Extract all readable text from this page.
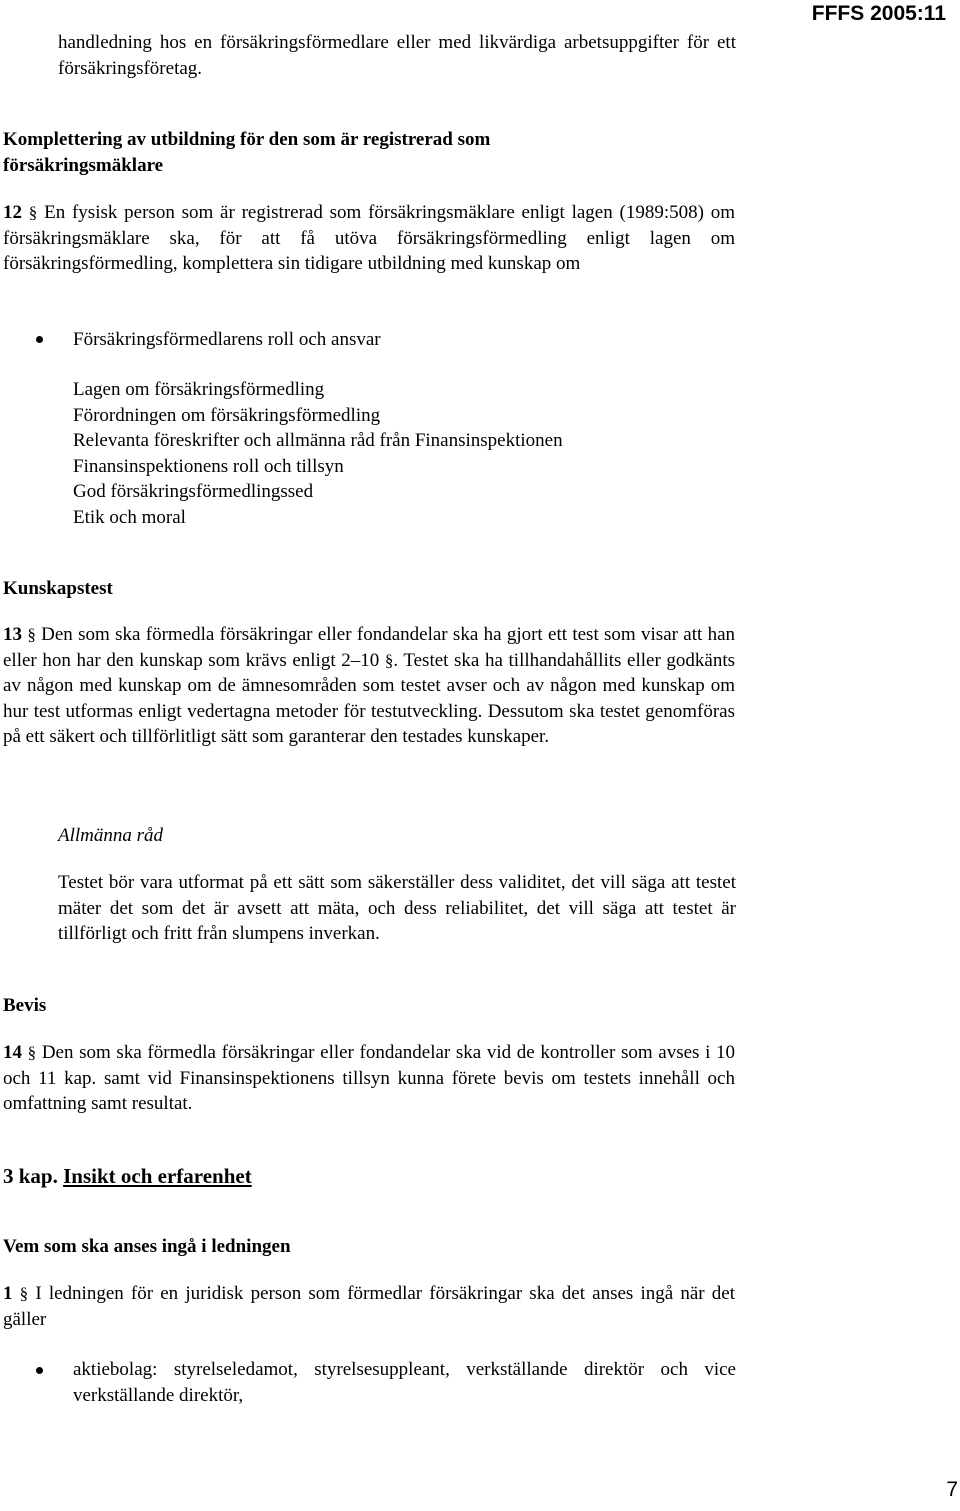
FFFS 2005:11

handledning hos en försäkringsförmedlare eller med likvärdiga arbetsuppgifter för ett försäkringsföretag.

Komplettering av utbildning för den som är registrerad som
försäkringsmäklare

12 § En fysisk person som är registrerad som försäkringsmäklare enligt lagen (1989:508) om försäkringsmäklare ska, för att få utöva försäkringsförmedling enligt lagen om försäkringsförmedling, komplettera sin tidigare utbildning med kunskap om

Försäkringsförmedlarens roll och ansvar
Lagen om försäkringsförmedling
Förordningen om försäkringsförmedling
Relevanta föreskrifter och allmänna råd från Finansinspektionen
Finansinspektionens roll och tillsyn
God försäkringsförmedlingssed
Etik och moral
Kunskapstest

13 § Den som ska förmedla försäkringar eller fondandelar ska ha gjort ett test som visar att han eller hon har den kunskap som krävs enligt 2–10 §. Testet ska ha tillhandahållits eller godkänts av någon med kunskap om de ämnesområden som testet avser och av någon med kunskap om hur test utformas enligt vedertagna metoder för testutveckling. Dessutom ska testet genomföras på ett säkert och tillförlitligt sätt som garanterar den testades kunskaper.

Allmänna råd

Testet bör vara utformat på ett sätt som säkerställer dess validitet, det vill säga att testet mäter det som det är avsett att mäta, och dess reliabilitet, det vill säga att testet är tillförligt och fritt från slumpens inverkan.

Bevis

14 § Den som ska förmedla försäkringar eller fondandelar ska vid de kontroller som avses i 10 och 11 kap. samt vid Finansinspektionens tillsyn kunna förete bevis om testets innehåll och omfattning samt resultat.

3 kap. Insikt och erfarenhet
Vem som ska anses ingå i ledningen

1 § I ledningen för en juridisk person som förmedlar försäkringar ska det anses ingå när det gäller

aktiebolag: styrelseledamot, styrelsesuppleant, verkställande direktör och vice verkställande direktör,

7
